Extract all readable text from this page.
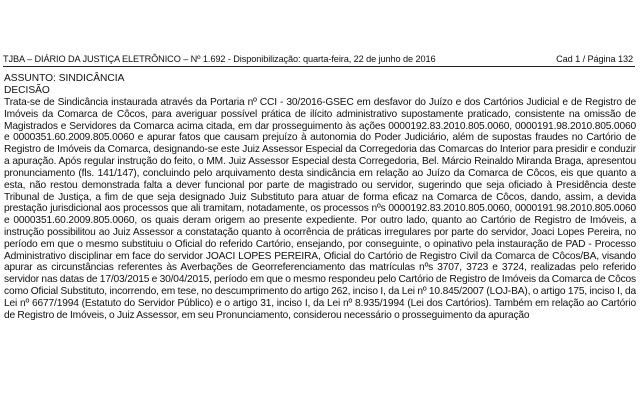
TJBA – DIÁRIO DA JUSTIÇA ELETRÔNICO – Nº 1.692 - Disponibilização: quarta-feira, 22 de junho de 2016	Cad 1 / Página 132
ASSUNTO: SINDICÂNCIA
DECISÃO

Trata-se de Sindicância instaurada através da Portaria nº CCI - 30/2016-GSEC em desfavor do Juízo e dos Cartórios Judicial e de Registro de Imóveis da Comarca de Côcos, para averiguar possível prática de ilícito administrativo supostamente praticado, consistente na omissão de Magistrados e Servidores da Comarca acima citada, em dar prosseguimento às ações 0000192.83.2010.805.0060, 0000191.98.2010.805.0060 e 0000351.60.2009.805.0060 e apurar fatos que causam prejuízo à autonomia do Poder Judiciário, além de supostas fraudes no Cartório de Registro de Imóveis da Comarca, designando-se este Juiz Assessor Especial da Corregedoria das Comarcas do Interior para presidir e conduzir a apuração. Após regular instrução do feito, o MM. Juiz Assessor Especial desta Corregedoria, Bel. Márcio Reinaldo Miranda Braga, apresentou pronunciamento (fls. 141/147), concluindo pelo arquivamento desta sindicância em relação ao Juízo da Comarca de Côcos, eis que quanto a esta, não restou demonstrada falta a dever funcional por parte de magistrado ou servidor, sugerindo que seja oficiado à Presidência deste Tribunal de Justiça, a fim de que seja designado Juiz Substituto para atuar de forma eficaz na Comarca de Côcos, dando, assim, a devida prestação jurisdicional aos processos que ali tramitam, notadamente, os processos nºs 0000192.83.2010.805.0060, 0000191.98.2010.805.0060 e 0000351.60.2009.805.0060, os quais deram origem ao presente expediente. Por outro lado, quanto ao Cartório de Registro de Imóveis, a instrução possibilitou ao Juiz Assessor a constatação quanto à ocorrência de práticas irregulares por parte do servidor, Joaci Lopes Pereira, no período em que o mesmo substituiu o Oficial do referido Cartório, ensejando, por conseguinte, o opinativo pela instauração de PAD - Processo Administrativo disciplinar em face do servidor JOACI LOPES PEREIRA, Oficial do Cartório de Registro Civil da Comarca de Côcos/BA, visando apurar as circunstâncias referentes às Averbações de Georreferenciamento das matrículas nºs 3707, 3723 e 3724, realizadas pelo referido servidor nas datas de 17/03/2015 e 30/04/2015, período em que o mesmo respondeu pelo Cartório de Registro de Imóveis da Comarca de Côcos como Oficial Substituto, incorrendo, em tese, no descumprimento do artigo 262, inciso I, da Lei nº 10.845/2007 (LOJ-BA), o artigo 175, inciso I, da Lei nº 6677/1994 (Estatuto do Servidor Público) e o artigo 31, inciso I, da Lei nº 8.935/1994 (Lei dos Cartórios). Também em relação ao Cartório de Registro de Imóveis, o Juiz Assessor, em seu Pronunciamento, considerou necessário o prosseguimento da apuração
